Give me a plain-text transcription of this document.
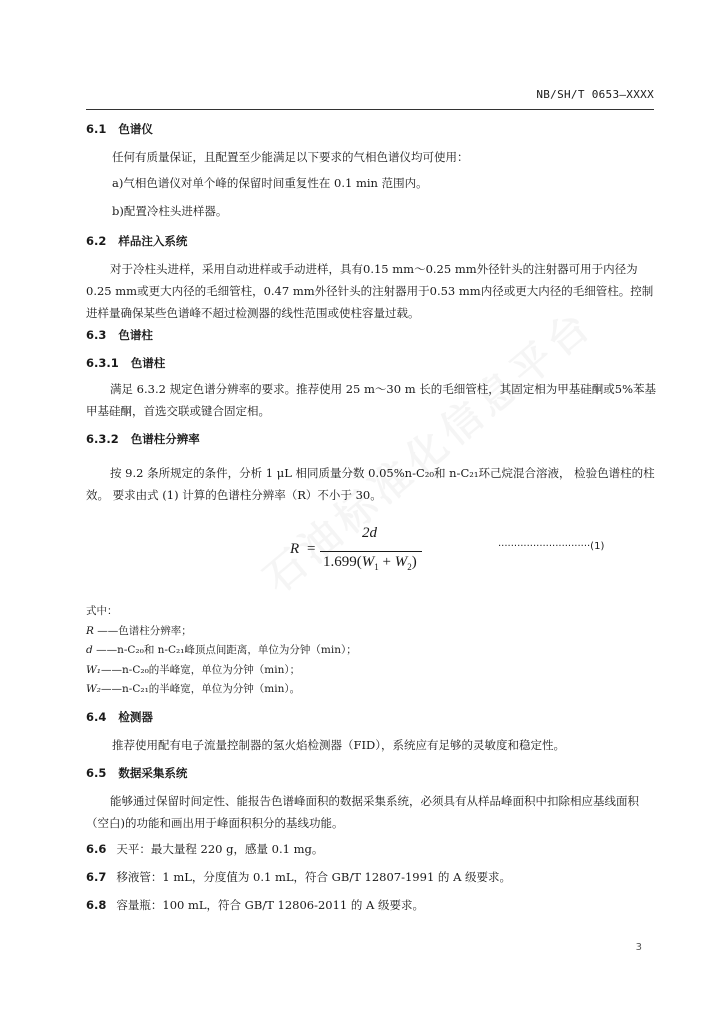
NB/SH/T 0653—XXXX
6.1 色谱仪
任何有质量保证，且配置至少能满足以下要求的气相色谱仪均可使用：
a)气相色谱仪对单个峰的保留时间重复性在 0.1 min 范围内。
b)配置冷柱头进样器。
6.2 样品注入系统
对于冷柱头进样，采用自动进样或手动进样，具有0.15 mm～0.25 mm外径针头的注射器可用于内径为0.25 mm或更大内径的毛细管柱，0.47 mm外径针头的注射器用于0.53 mm内径或更大内径的毛细管柱。控制进样量确保某些色谱峰不超过检测器的线性范围或使柱容量过载。
6.3 色谱柱
6.3.1 色谱柱
满足 6.3.2 规定色谱分辨率的要求。推荐使用 25 m～30 m 长的毛细管柱，其固定相为甲基硅酮或5%苯基甲基硅酮，首选交联或键合固定相。
6.3.2 色谱柱分辨率
按 9.2 条所规定的条件，分析 1 μL 相同质量分数 0.05%n-C₂₀和 n-C₂₁环己烷混合溶液， 检验色谱柱的柱效。 要求由式 (1) 计算的色谱柱分辨率（R）不小于 30。
R =
2d
$1.699(W_1 + W_2)$
·····························(1)
式中：
R ——色谱柱分辨率；
d ——n-C₂₀和 n-C₂₁峰顶点间距离，单位为分钟（min）；
W₁——n-C₂₀的半峰宽，单位为分钟（min）；
W₂——n-C₂₁的半峰宽，单位为分钟（min）。
6.4 检测器
推荐使用配有电子流量控制器的氢火焰检测器（FID），系统应有足够的灵敏度和稳定性。
6.5 数据采集系统
能够通过保留时间定性、能报告色谱峰面积的数据采集系统，必须具有从样品峰面积中扣除相应基线面积（空白)的功能和画出用于峰面积积分的基线功能。
6.6 天平：最大量程 220 g，感量 0.1 mg。
6.7 移液管：1 mL，分度值为 0.1 mL，符合 GB/T 12807-1991 的 A 级要求。
6.8 容量瓶：100 mL，符合 GB/T 12806-2011 的 A 级要求。
3
